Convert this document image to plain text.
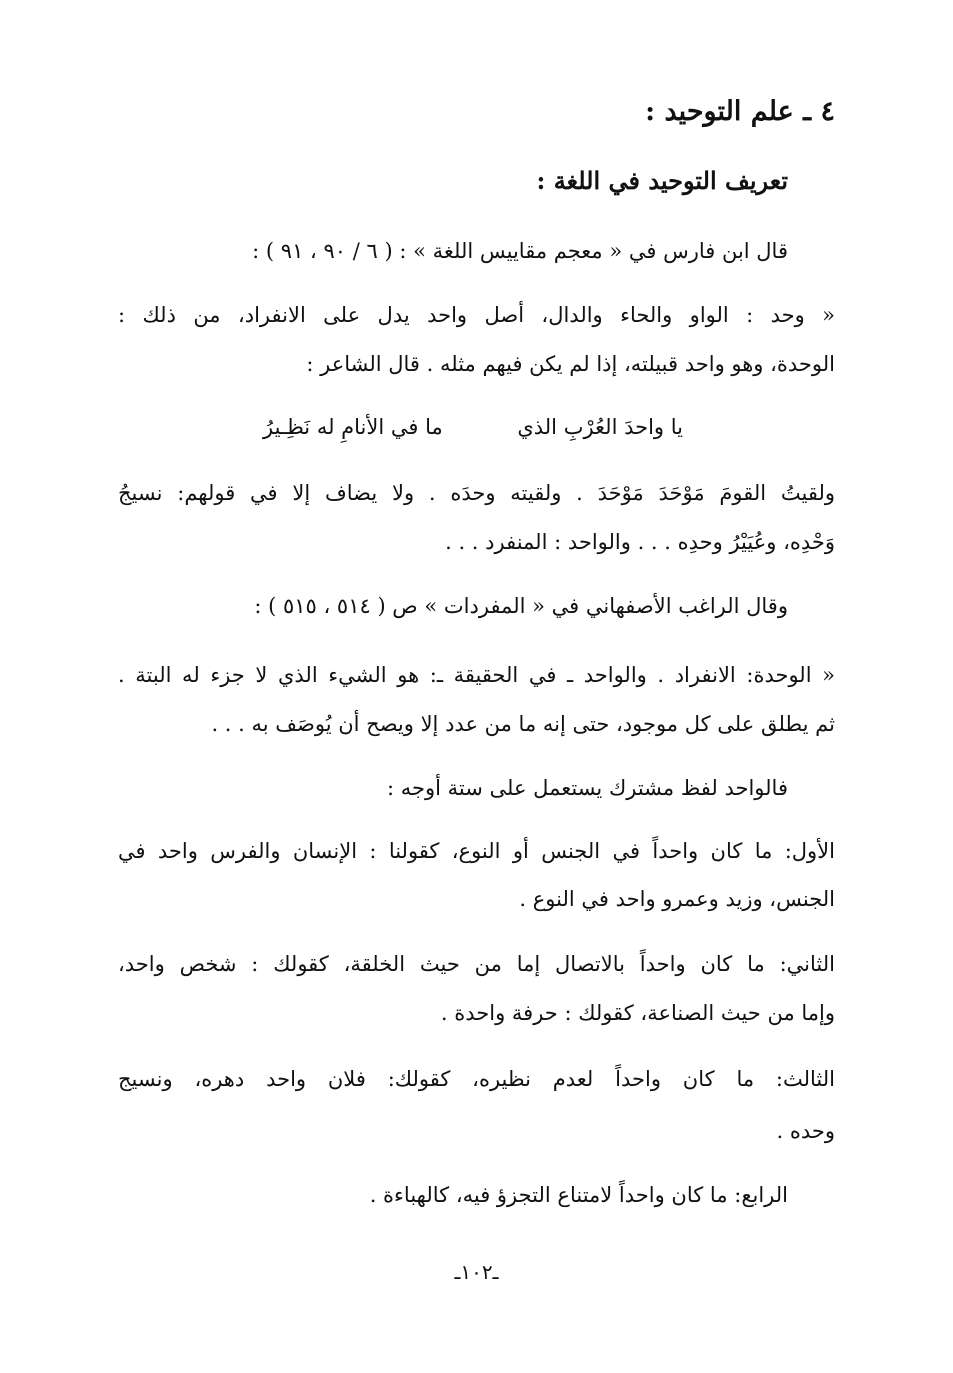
٤ ـ علم التوحيد :
تعريف التوحيد في اللغة :
قال ابن فارس في « معجم مقاييس اللغة » : ( ٦ / ٩٠ ، ٩١ ) :
« وحد : الواو والحاء والدال، أصل واحد يدل على الانفراد، من ذلك :
الوحدة، وهو واحد قبيلته، إذا لم يكن فيهم مثله . قال الشاعر :
يا واحدَ العُرْبِ الذي
ما في الأنامِ له نَظِـيرُ
ولقيتُ القومَ مَوْحَدَ مَوْحَدَ . ولقيته وحدَه . ولا يضاف إلا في قولهم: نسيجُ
وَحْدِه، وعُيَيْرُ وحدِه . . . والواحد : المنفرد . . .
وقال الراغب الأصفهاني في « المفردات » ص ( ٥١٤ ، ٥١٥ ) :
« الوحدة: الانفراد . والواحد ـ في الحقيقة ـ: هو الشيء الذي لا جزء له البتة .
ثم يطلق على كل موجود، حتى إنه ما من عدد إلا ويصح أن يُوصَف به . . .
فالواحد لفظ مشترك يستعمل على ستة أوجه :
الأول: ما كان واحداً في الجنس أو النوع، كقولنا : الإنسان والفرس واحد في
الجنس، وزيد وعمرو واحد في النوع .
الثاني: ما كان واحداً بالاتصال إما من حيث الخلقة، كقولك : شخص واحد،
وإما من حيث الصناعة، كقولك : حرفة واحدة .
الثالث: ما كان واحداً لعدم نظيره، كقولك: فلان واحد دهره، ونسيج
وحده .
الرابع: ما كان واحداً لامتناع التجزؤ فيه، كالهباءة .
ـ١٠٢ـ
